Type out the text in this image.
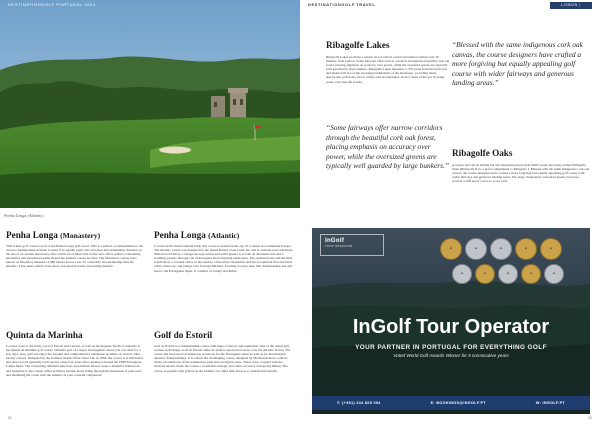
DESTINATIONGOLF PORTUGAL 2024
Penha Longa (Atlantic)
Penha Longa (Monastery)

This 9-hole golf course is part of the Penha Longa golf resort. This is a perfect accompaniment to the resort's championship Atlantic Course; it is equally pretty but a fraction less demanding. Situated on the site of an ancient monastery, after which it is named, this course now offers golfers a refreshing alternative and guaranteed game should the Atlantic course be busy. The Monastery course (also known as Mosteiro) measures 2,288 metres and is a par-35. Generally less undulating than the Atlantic, it has lakes which create their own special beauty and testing hazards.

Penha Longa (Atlantic)

Located in the Sintra Natural Park, this course is nestled in the top 10 Courses in Continental Europe. The Atlantic course was designed by the famed Robert Trent Jones Jnr, and is a tribute-pure adventure. With its bold drives, courageous approaches and artful greens, it is both an adrenalin rush and a soothing journey through one of Portugal's most inspiring landscapes. The opening holes and the final fourth show a wooded valley in the shadow of the misty mountains and the exceptional first and third, while others are, and plunge over forested hillsides. Exciting at every turn, this championship test and host to the Portuguese Open, is a matter of variety and thrills.

Quinta da Marinha

Located close to the lively town of Estoril and Cascais, as well as the majestic North of Guincho is the Quinta da Marinha golf course. Whether part of a larger development where you can relax for a few days, play, golf and enjoy the tranquil and comprehensive clubhouse facilities, as well as other nearby courses. Designed by the architect Robert Trent Jones Snr, in 1984, the course is 6,100 metres and plays across generally level terrain. Only four years after opening it hosted the 1988 Portuguese Ladies Open. The contrasting umbrella pine trees and Atlantic Ocean create a beautiful framework and backdrop to the course. Other activities include horse riding through the thousands of pine trees and mediating the ocean with the Atlantic as your constant companion.

Golf do Estoril

Golf do Estoril is a championship course with huge of history and reputation. One of the oldest golf courses in Portugal, Golf do Estoril offers its visitors spectacular views over the Atlantic Ocean. The course has been used on numerous occasions for the Portuguese Open as well as for international amateur championships. It is a short but challenging course, designed by Mackenzie Ross, with its tricky, excellent use of the tremendous pine and eucalyptus trees. These trees, coupled with the intricate terrain, make the course a wonderful strategic test where accuracy trumps big hitting. The course is popular with golfers as the addition of a third nine holes is a considerable benefit.

62
DESTINATIONGOLF.TRAVEL	LISBON | ATLANTIC
Ribagolfe Lakes

Ribagolfe Lakes provides a superb test of golf in a rural and natural setting only 30 minutes from Lisbon. Some fairways offer narrow corridors through the beautiful cork oak forest, placing emphasis on accuracy over power, while the oversized greens are typically well guarded by large bunkers. Ribagolfe Lakes measures 7,270 yards from the back tees and makes full use of the sweeping undulations of the landscape, providing many spectacular golf holes across valleys and around lakes. In fact, three of the par 3s being water over plus life scarlet.

“Blessed with the same indigenous cork oak canvas, the course designers have crafted a more forgiving but equally appealing golf course with wider fairways and generous landing areas.”
“Some fairways offer narrow corridors through the beautiful cork oak forest, placing emphasis on accuracy over power, while the oversized greens are typically well guarded by large bunkers.”
Ribagolfe Oaks

A course laid out its sibling but also measuring more than 6,900 yards, the newly named Ribagolfe Oaks (Ribagolfe II) is a great complement to Ribagolfe I. Blessed with the same indigenous cork oak canvas, the course designers have crafted a more forgiving but equally appealing golf course with wider fairways and generous landing areas. The large, moderately contoured greens, however, provide a stiff test if you're to score well.

InGolf
TOUR OPERATOR
★	★	★	★	★
★	★	★	★	★
InGolf Tour Operator
YOUR PARTNER IN PORTUGAL FOR EVERYTHING GOLF
Voted World Golf Awards Winner for 9 consecutive years
T: (+351) 244 825 004	E: BOOKINGS@INGOLF.PT	W: INGOLF.PT
63
